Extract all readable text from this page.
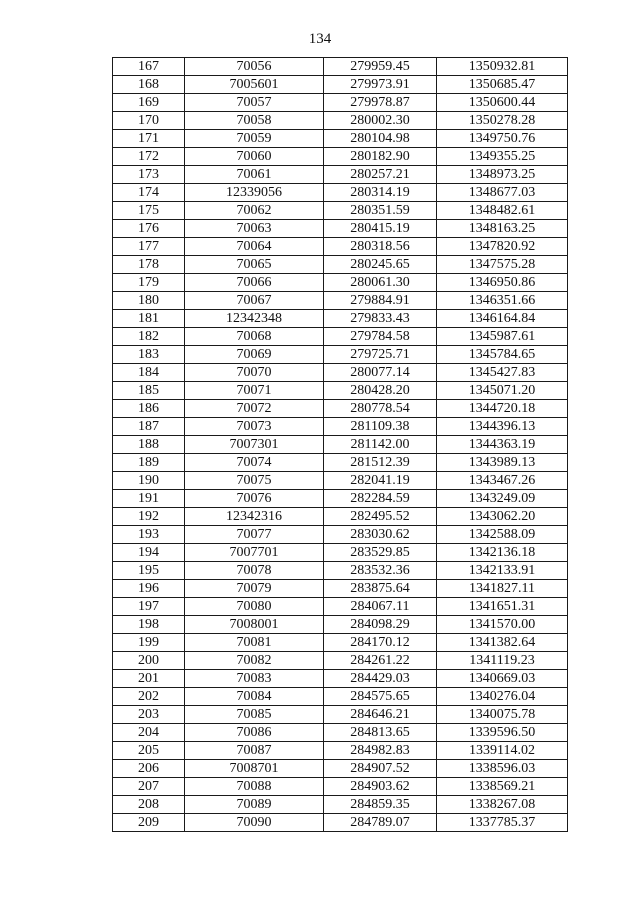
134
167	70056	279959.45	1350932.81
168	7005601	279973.91	1350685.47
169	70057	279978.87	1350600.44
170	70058	280002.30	1350278.28
171	70059	280104.98	1349750.76
172	70060	280182.90	1349355.25
173	70061	280257.21	1348973.25
174	12339056	280314.19	1348677.03
175	70062	280351.59	1348482.61
176	70063	280415.19	1348163.25
177	70064	280318.56	1347820.92
178	70065	280245.65	1347575.28
179	70066	280061.30	1346950.86
180	70067	279884.91	1346351.66
181	12342348	279833.43	1346164.84
182	70068	279784.58	1345987.61
183	70069	279725.71	1345784.65
184	70070	280077.14	1345427.83
185	70071	280428.20	1345071.20
186	70072	280778.54	1344720.18
187	70073	281109.38	1344396.13
188	7007301	281142.00	1344363.19
189	70074	281512.39	1343989.13
190	70075	282041.19	1343467.26
191	70076	282284.59	1343249.09
192	12342316	282495.52	1343062.20
193	70077	283030.62	1342588.09
194	7007701	283529.85	1342136.18
195	70078	283532.36	1342133.91
196	70079	283875.64	1341827.11
197	70080	284067.11	1341651.31
198	7008001	284098.29	1341570.00
199	70081	284170.12	1341382.64
200	70082	284261.22	1341119.23
201	70083	284429.03	1340669.03
202	70084	284575.65	1340276.04
203	70085	284646.21	1340075.78
204	70086	284813.65	1339596.50
205	70087	284982.83	1339114.02
206	7008701	284907.52	1338596.03
207	70088	284903.62	1338569.21
208	70089	284859.35	1338267.08
209	70090	284789.07	1337785.37
